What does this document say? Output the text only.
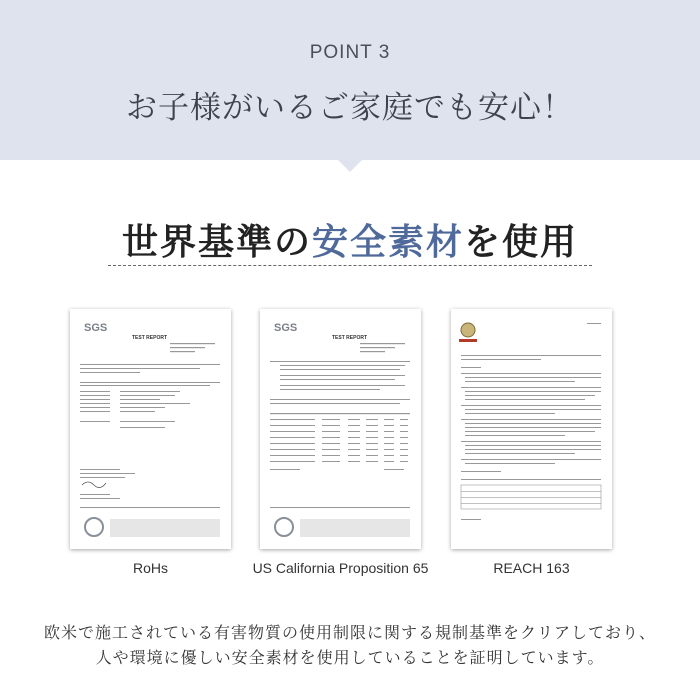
POINT 3
お子様がいるご家庭でも安心！
世界基準の安全素材を使用
SGS
TEST REPORT
RoHs
SGS
TEST REPORT
US California Proposition 65	REACH 163
欧米で施工されている有害物質の使用制限に関する規制基準をクリアしており、
人や環境に優しい安全素材を使用していることを証明しています。
